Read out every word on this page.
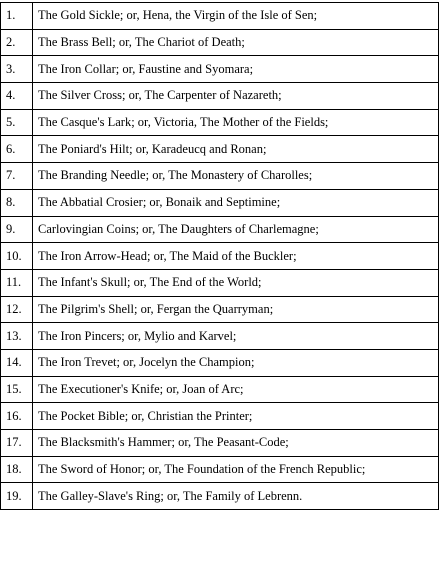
1.	The Gold Sickle; or, Hena, the Virgin of the Isle of Sen;
2.	The Brass Bell; or, The Chariot of Death;
3.	The Iron Collar; or, Faustine and Syomara;
4.	The Silver Cross; or, The Carpenter of Nazareth;
5.	The Casque's Lark; or, Victoria, The Mother of the Fields;
6.	The Poniard's Hilt; or, Karadeucq and Ronan;
7.	The Branding Needle; or, The Monastery of Charolles;
8.	The Abbatial Crosier; or, Bonaik and Septimine;
9.	Carlovingian Coins; or, The Daughters of Charlemagne;
10.	The Iron Arrow-Head; or, The Maid of the Buckler;
11.	The Infant's Skull; or, The End of the World;
12.	The Pilgrim's Shell; or, Fergan the Quarryman;
13.	The Iron Pincers; or, Mylio and Karvel;
14.	The Iron Trevet; or, Jocelyn the Champion;
15.	The Executioner's Knife; or, Joan of Arc;
16.	The Pocket Bible; or, Christian the Printer;
17.	The Blacksmith's Hammer; or, The Peasant-Code;
18.	The Sword of Honor; or, The Foundation of the French Republic;
19.	The Galley-Slave's Ring; or, The Family of Lebrenn.
